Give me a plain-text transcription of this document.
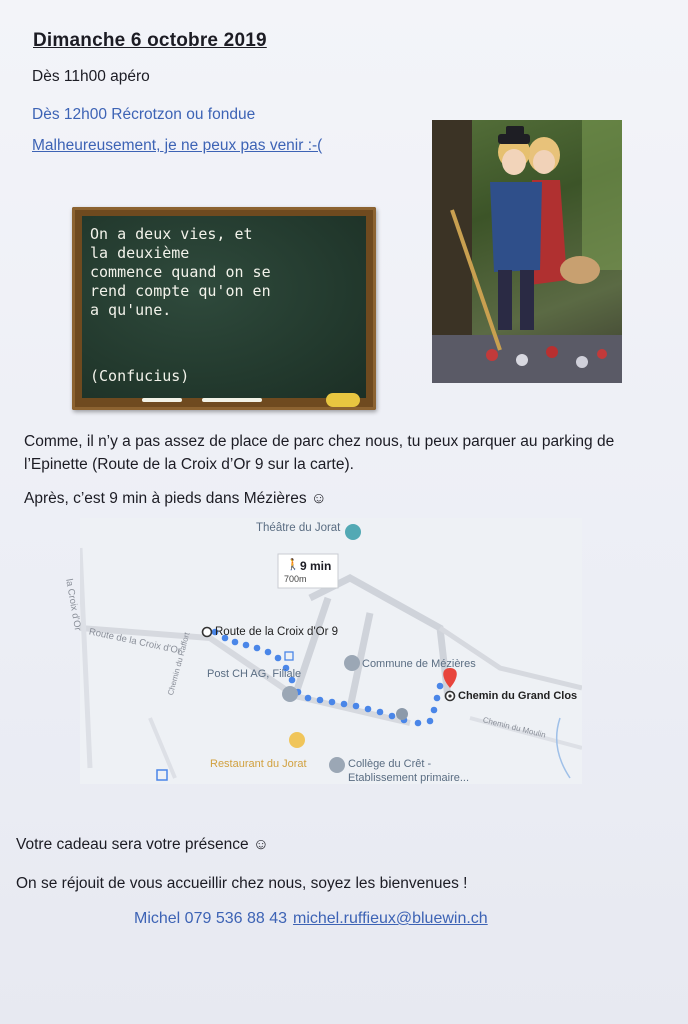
Dimanche 6 octobre 2019
Dès 11h00 apéro
Dès 12h00 Récrotzon ou fondue
Malheureusement, je ne peux pas venir :-(
On a deux vies, et
la deuxième
commence quand on se
rend compte qu'on en
a qu'une.
(Confucius)
Comme, il n’y a pas assez de place de parc chez nous, tu peux parquer au parking de l’Epinette (Route de la Croix d’Or 9 sur la carte).
Après, c’est 9 min à pieds dans Mézières ☺
Théâtre du Jorat
🚶 9 min
700m
Route de la Croix d'Or 9
la Croix d'Or
Route de la Croix d'Or
Chemin du Raffort
Chemin du Moulin
Commune de Mézières
Post CH AG, Filiale
Chemin du Grand Clos
Restaurant du Jorat	Collège du Crêt -
Etablissement primaire...
Votre cadeau sera votre présence ☺
On se réjouit de vous accueillir chez nous, soyez les bienvenues !
Michel 079 536 88 43 michel.ruffieux@bluewin.ch
